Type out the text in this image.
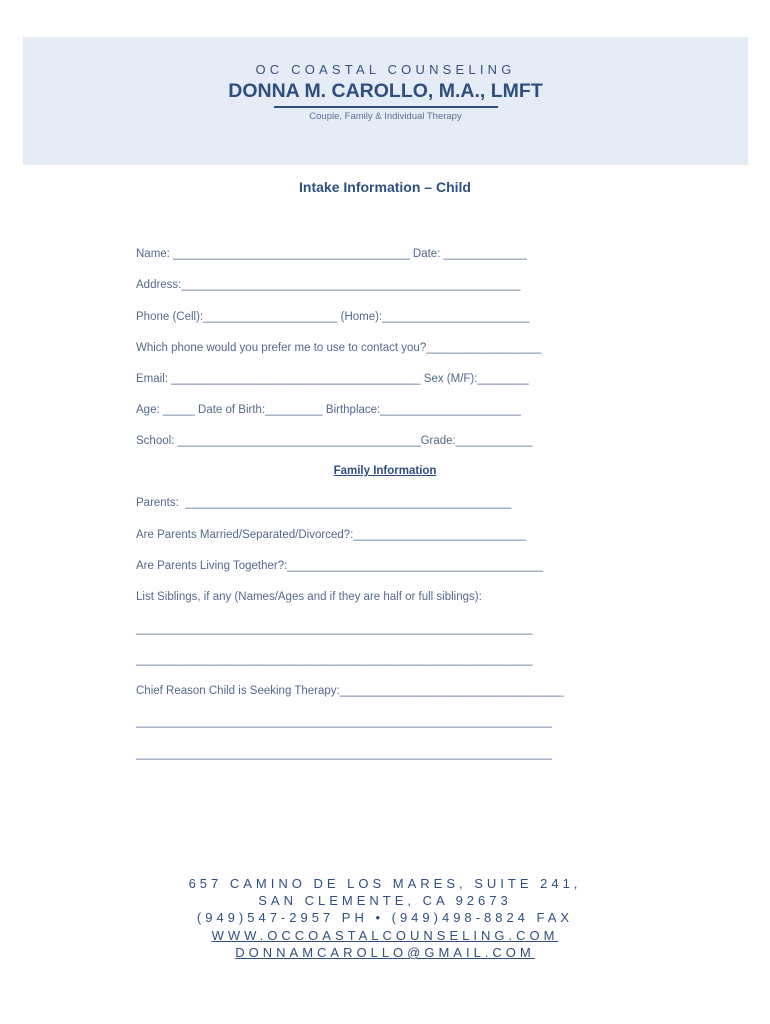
OC COASTAL COUNSELING
DONNA M. CAROLLO, M.A., LMFT
Couple, Family & Individual Therapy
Intake Information – Child
Name: _____________________________________ Date: _____________
Address:_____________________________________________________
Phone (Cell):_____________________ (Home):_______________________
Which phone would you prefer me to use to contact you?__________________
Email: _______________________________________ Sex (M/F):________
Age: _____ Date of Birth:_________ Birthplace:______________________
School: ______________________________________Grade:____________
Family Information
Parents:  ___________________________________________________
Are Parents Married/Separated/Divorced?:___________________________
Are Parents Living Together?:________________________________________
List Siblings, if any (Names/Ages and if they are half or full siblings):
______________________________________________________________
______________________________________________________________
Chief Reason Child is Seeking Therapy:___________________________________
_________________________________________________________________
_________________________________________________________________
657 CAMINO DE LOS MARES, SUITE 241,
SAN CLEMENTE, CA 92673
(949)547-2957 PH • (949)498-8824 FAX
WWW.OCCOASTALCOUNSELING.COM
DONNAMCAROLLO@GMAIL.COM
